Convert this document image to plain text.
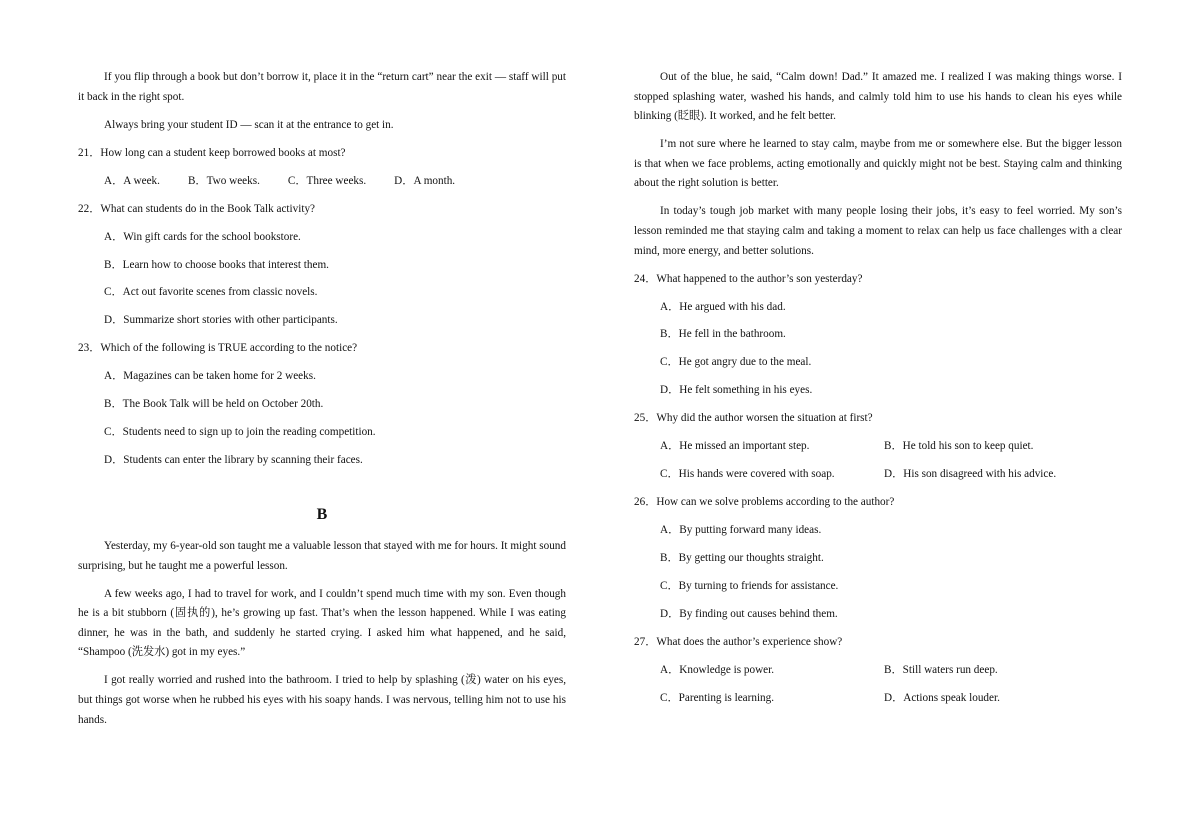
If you flip through a book but don’t borrow it, place it in the “return cart” near the exit — staff will put it back in the right spot.

Always bring your student ID — scan it at the entrance to get in.

21．How long can a student keep borrowed books at most?
A．A week.	B．Two weeks.	C．Three weeks.	D．A month.
22．What can students do in the Book Talk activity?
A．Win gift cards for the school bookstore.
B．Learn how to choose books that interest them.
C．Act out favorite scenes from classic novels.
D．Summarize short stories with other participants.
23．Which of the following is TRUE according to the notice?
A．Magazines can be taken home for 2 weeks.
B．The Book Talk will be held on October 20th.
C．Students need to sign up to join the reading competition.
D．Students can enter the library by scanning their faces.
B

Yesterday, my 6-year-old son taught me a valuable lesson that stayed with me for hours. It might sound surprising, but he taught me a powerful lesson.

A few weeks ago, I had to travel for work, and I couldn’t spend much time with my son. Even though he is a bit stubborn (固执的), he’s growing up fast. That’s when the lesson happened. While I was eating dinner, he was in the bath, and suddenly he started crying. I asked him what happened, and he said, “Shampoo (洗发水) got in my eyes.”

I got really worried and rushed into the bathroom. I tried to help by splashing (泼) water on his eyes, but things got worse when he rubbed his eyes with his soapy hands. I was nervous, telling him not to use his hands.

Out of the blue, he said, “Calm down! Dad.” It amazed me. I realized I was making things worse. I stopped splashing water, washed his hands, and calmly told him to use his hands to clean his eyes while blinking (眨眼). It worked, and he felt better.

I’m not sure where he learned to stay calm, maybe from me or somewhere else. But the bigger lesson is that when we face problems, acting emotionally and quickly might not be best. Staying calm and thinking about the right solution is better.

In today’s tough job market with many people losing their jobs, it’s easy to feel worried. My son’s lesson reminded me that staying calm and taking a moment to relax can help us face challenges with a clear mind, more energy, and better solutions.

24．What happened to the author’s son yesterday?
A．He argued with his dad.
B．He fell in the bathroom.
C．He got angry due to the meal.
D．He felt something in his eyes.
25．Why did the author worsen the situation at first?
A．He missed an important step.	B．He told his son to keep quiet.
C．His hands were covered with soap.	D．His son disagreed with his advice.
26．How can we solve problems according to the author?
A．By putting forward many ideas.
B．By getting our thoughts straight.
C．By turning to friends for assistance.
D．By finding out causes behind them.
27．What does the author’s experience show?
A．Knowledge is power.	B．Still waters run deep.
C．Parenting is learning.	D．Actions speak louder.
